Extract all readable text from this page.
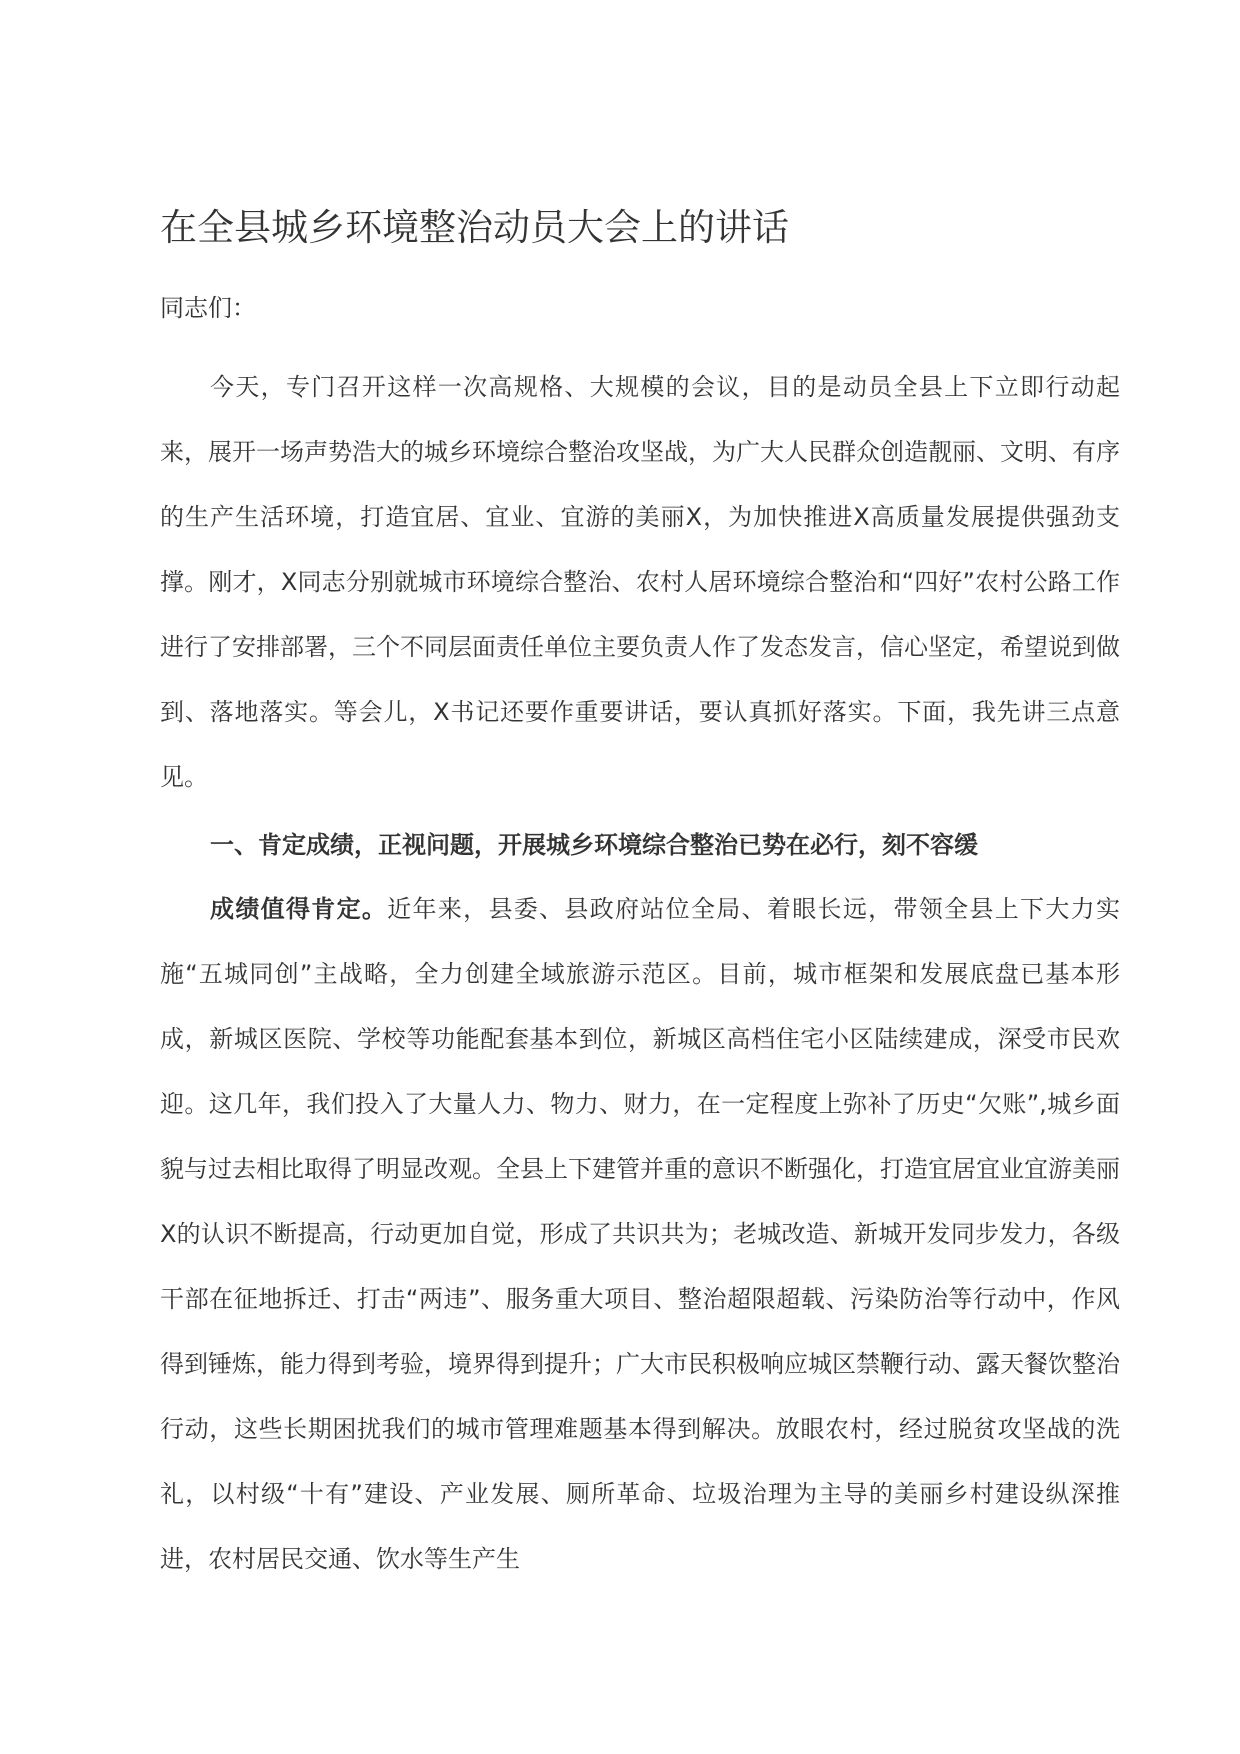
在全县城乡环境整治动员大会上的讲话

同志们：

今天，专门召开这样一次高规格、大规模的会议，目的是动员全县上下立即行动起来，展开一场声势浩大的城乡环境综合整治攻坚战，为广大人民群众创造靓丽、文明、有序的生产生活环境，打造宜居、宜业、宜游的美丽X，为加快推进X高质量发展提供强劲支撑。刚才，X同志分别就城市环境综合整治、农村人居环境综合整治和“四好”农村公路工作进行了安排部署，三个不同层面责任单位主要负责人作了发态发言，信心坚定，希望说到做到、落地落实。等会儿，X书记还要作重要讲话，要认真抓好落实。下面，我先讲三点意见。

一、肯定成绩，正视问题，开展城乡环境综合整治已势在必行，刻不容缓

成绩值得肯定。近年来，县委、县政府站位全局、着眼长远，带领全县上下大力实施“五城同创”主战略，全力创建全域旅游示范区。目前，城市框架和发展底盘已基本形成，新城区医院、学校等功能配套基本到位，新城区高档住宅小区陆续建成，深受市民欢迎。这几年，我们投入了大量人力、物力、财力，在一定程度上弥补了历史“欠账”,城乡面貌与过去相比取得了明显改观。全县上下建管并重的意识不断强化，打造宜居宜业宜游美丽X的认识不断提高，行动更加自觉，形成了共识共为；老城改造、新城开发同步发力，各级干部在征地拆迁、打击“两违”、服务重大项目、整治超限超载、污染防治等行动中，作风得到锤炼，能力得到考验，境界得到提升；广大市民积极响应城区禁鞭行动、露天餐饮整治行动，这些长期困扰我们的城市管理难题基本得到解决。放眼农村，经过脱贫攻坚战的洗礼，以村级“十有”建设、产业发展、厕所革命、垃圾治理为主导的美丽乡村建设纵深推进，农村居民交通、饮水等生产生
